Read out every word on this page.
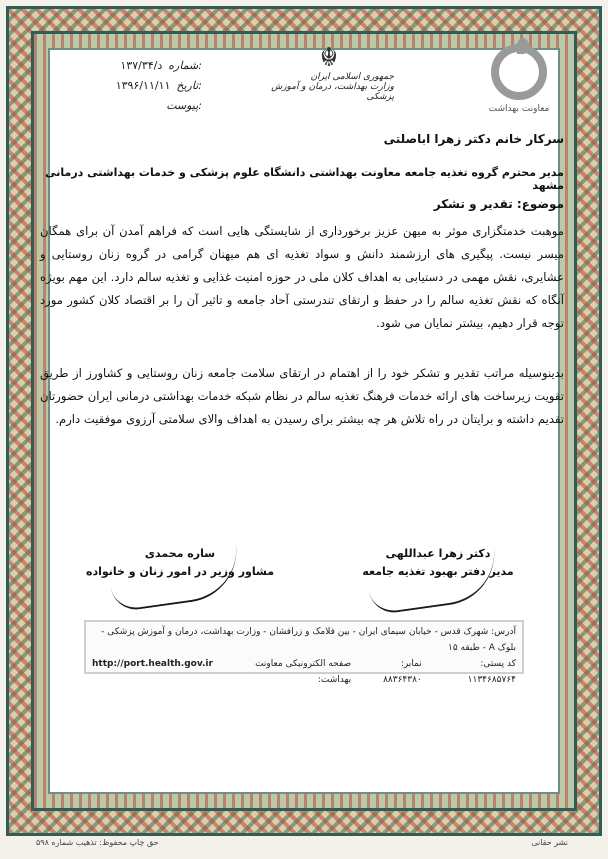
معاونت بهداشت
☬
جمهوری اسلامی ایران
وزارت بهداشت، درمان و آموزش پزشکی
۱۳۷/د/۳۴ شماره:
۱۳۹۶/۱۱/۱۱ تاریخ:
پیوست:
سرکار خانم دکتر زهرا اباصلتی
مدیر محترم گروه تغذیه جامعه معاونت بهداشتی دانشگاه علوم پزشکی و خدمات بهداشتی درمانی مشهد
موضوع: تقدیر و تشکر
موهبت خدمتگزاری موثر به میهن عزیز برخورداری از شایستگی هایی است که فراهم آمدن آن برای همگان میسر نیست. پیگیری های ارزشمند دانش و سواد تغذیه ای هم میهنان گرامی در گروه زنان روستایی و عشایری، نقش مهمی در دستیابی به اهداف کلان ملی در حوزه امنیت غذایی و تغذیه سالم دارد. این مهم بویژه آنگاه که نقش تغذیه سالم را در حفظ و ارتقای تندرستی آحاد جامعه و تاثیر آن را بر اقتصاد کلان کشور مورد توجه قرار دهیم، بیشتر نمایان می شود.
بدینوسیله مراتب تقدیر و تشکر خود را از اهتمام در ارتقای سلامت جامعه زنان روستایی و کشاورز از طریق تقویت زیرساخت های ارائه خدمات فرهنگ تغذیه سالم در نظام شبکه خدمات بهداشتی درمانی ایران حضورتان تقدیم داشته و برایتان در راه تلاش هر چه بیشتر برای رسیدن به اهداف والای سلامتی آرزوی موفقیت دارم.
دکتر زهرا عبداللهی
مدیر دفتر بهبود تغذیه جامعه
ساره محمدی
مشاور وزیر در امور زنان و خانواده
آدرس: شهرک قدس - خیابان سیمای ایران - بین فلامک و زرافشان - وزارت بهداشت، درمان و آموزش پزشکی - بلوک A - طبقه ۱۵
کد پستی: ۱۱۳۴۶۸۵۷۶۴
نمابر: ۸۸۳۶۴۳۸۰
صفحه الکترونیکی معاونت بهداشت:
http://port.health.gov.ir
حق چاپ محفوظ: تذهیب شماره ۵۹۸	نشر حقانی
